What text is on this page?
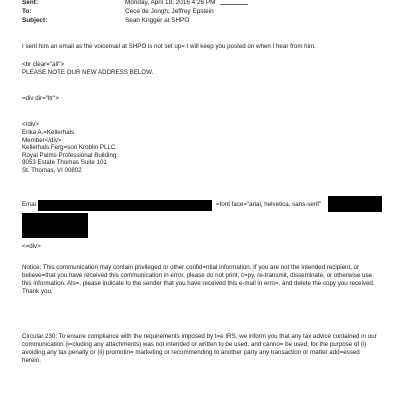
Sent:	Monday, April 18, 2016 4:26 PM
To:	Cece de Jongh; Jeffrey Epstein
Subject:	Sean Krigger at SHPO
I sent him an email as the voicemail at SHPO is not set up= I will keep you posted on when I hear from him.
<br clear="all">
PLEASE NOTE OUR NEW ADDRESS BELOW.
=div dir="ltr">
</div>
Erika A.=Kellerhals
Member</div>
Kellerhals Ferg=son Kroblin PLLC
Royal Palms Professional Building
9053 Estate Thomas Suite 101
St. Thomas, VI 00802
Emai	=font face="arial, helvetica, sans-serif"
<=div>
Notice: This communication may contain privileged or other confid=ntial information. If you are not the intended recipient, or believe=that you have received this communication in error, please do not print, c=py, re-transmit, disseminate, or otherwise use this information. Als=, please indicate to the sender that you have received this e-mail in erro=, and delete the copy you received. Thank you.
Circular 230: To ensure compliance with the requirements imposed by t=e IRS, we inform you that any tax advice contained in our communication (i=cluding any attachments) was not intended or written to be used, and canno= be used, for the purpose of (i) avoiding any tax penalty or (ii) promotin= marketing or recommending to another party any transaction or matter add=essed herein.
